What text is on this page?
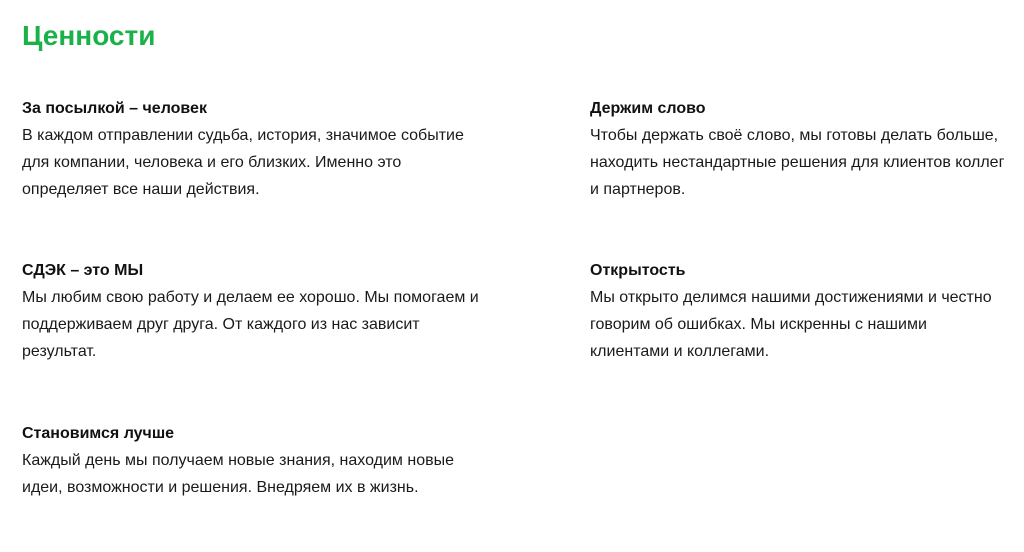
Ценности
За посылкой – человек

В каждом отправлении судьба, история, значимое событие для компании, человека и его близких. Именно это определяет все наши действия.

Держим слово

Чтобы держать своё слово, мы готовы делать больше, находить нестандартные решения для клиентов коллег и партнеров.

СДЭК – это МЫ

Мы любим свою работу и делаем ее хорошо. Мы помогаем и поддерживаем друг друга. От каждого из нас зависит результат.

Открытость

Мы открыто делимся нашими достижениями и честно говорим об ошибках. Мы искренны с нашими клиентами и коллегами.

Становимся лучше

Каждый день мы получаем новые знания, находим новые идеи, возможности и решения. Внедряем их в жизнь.
